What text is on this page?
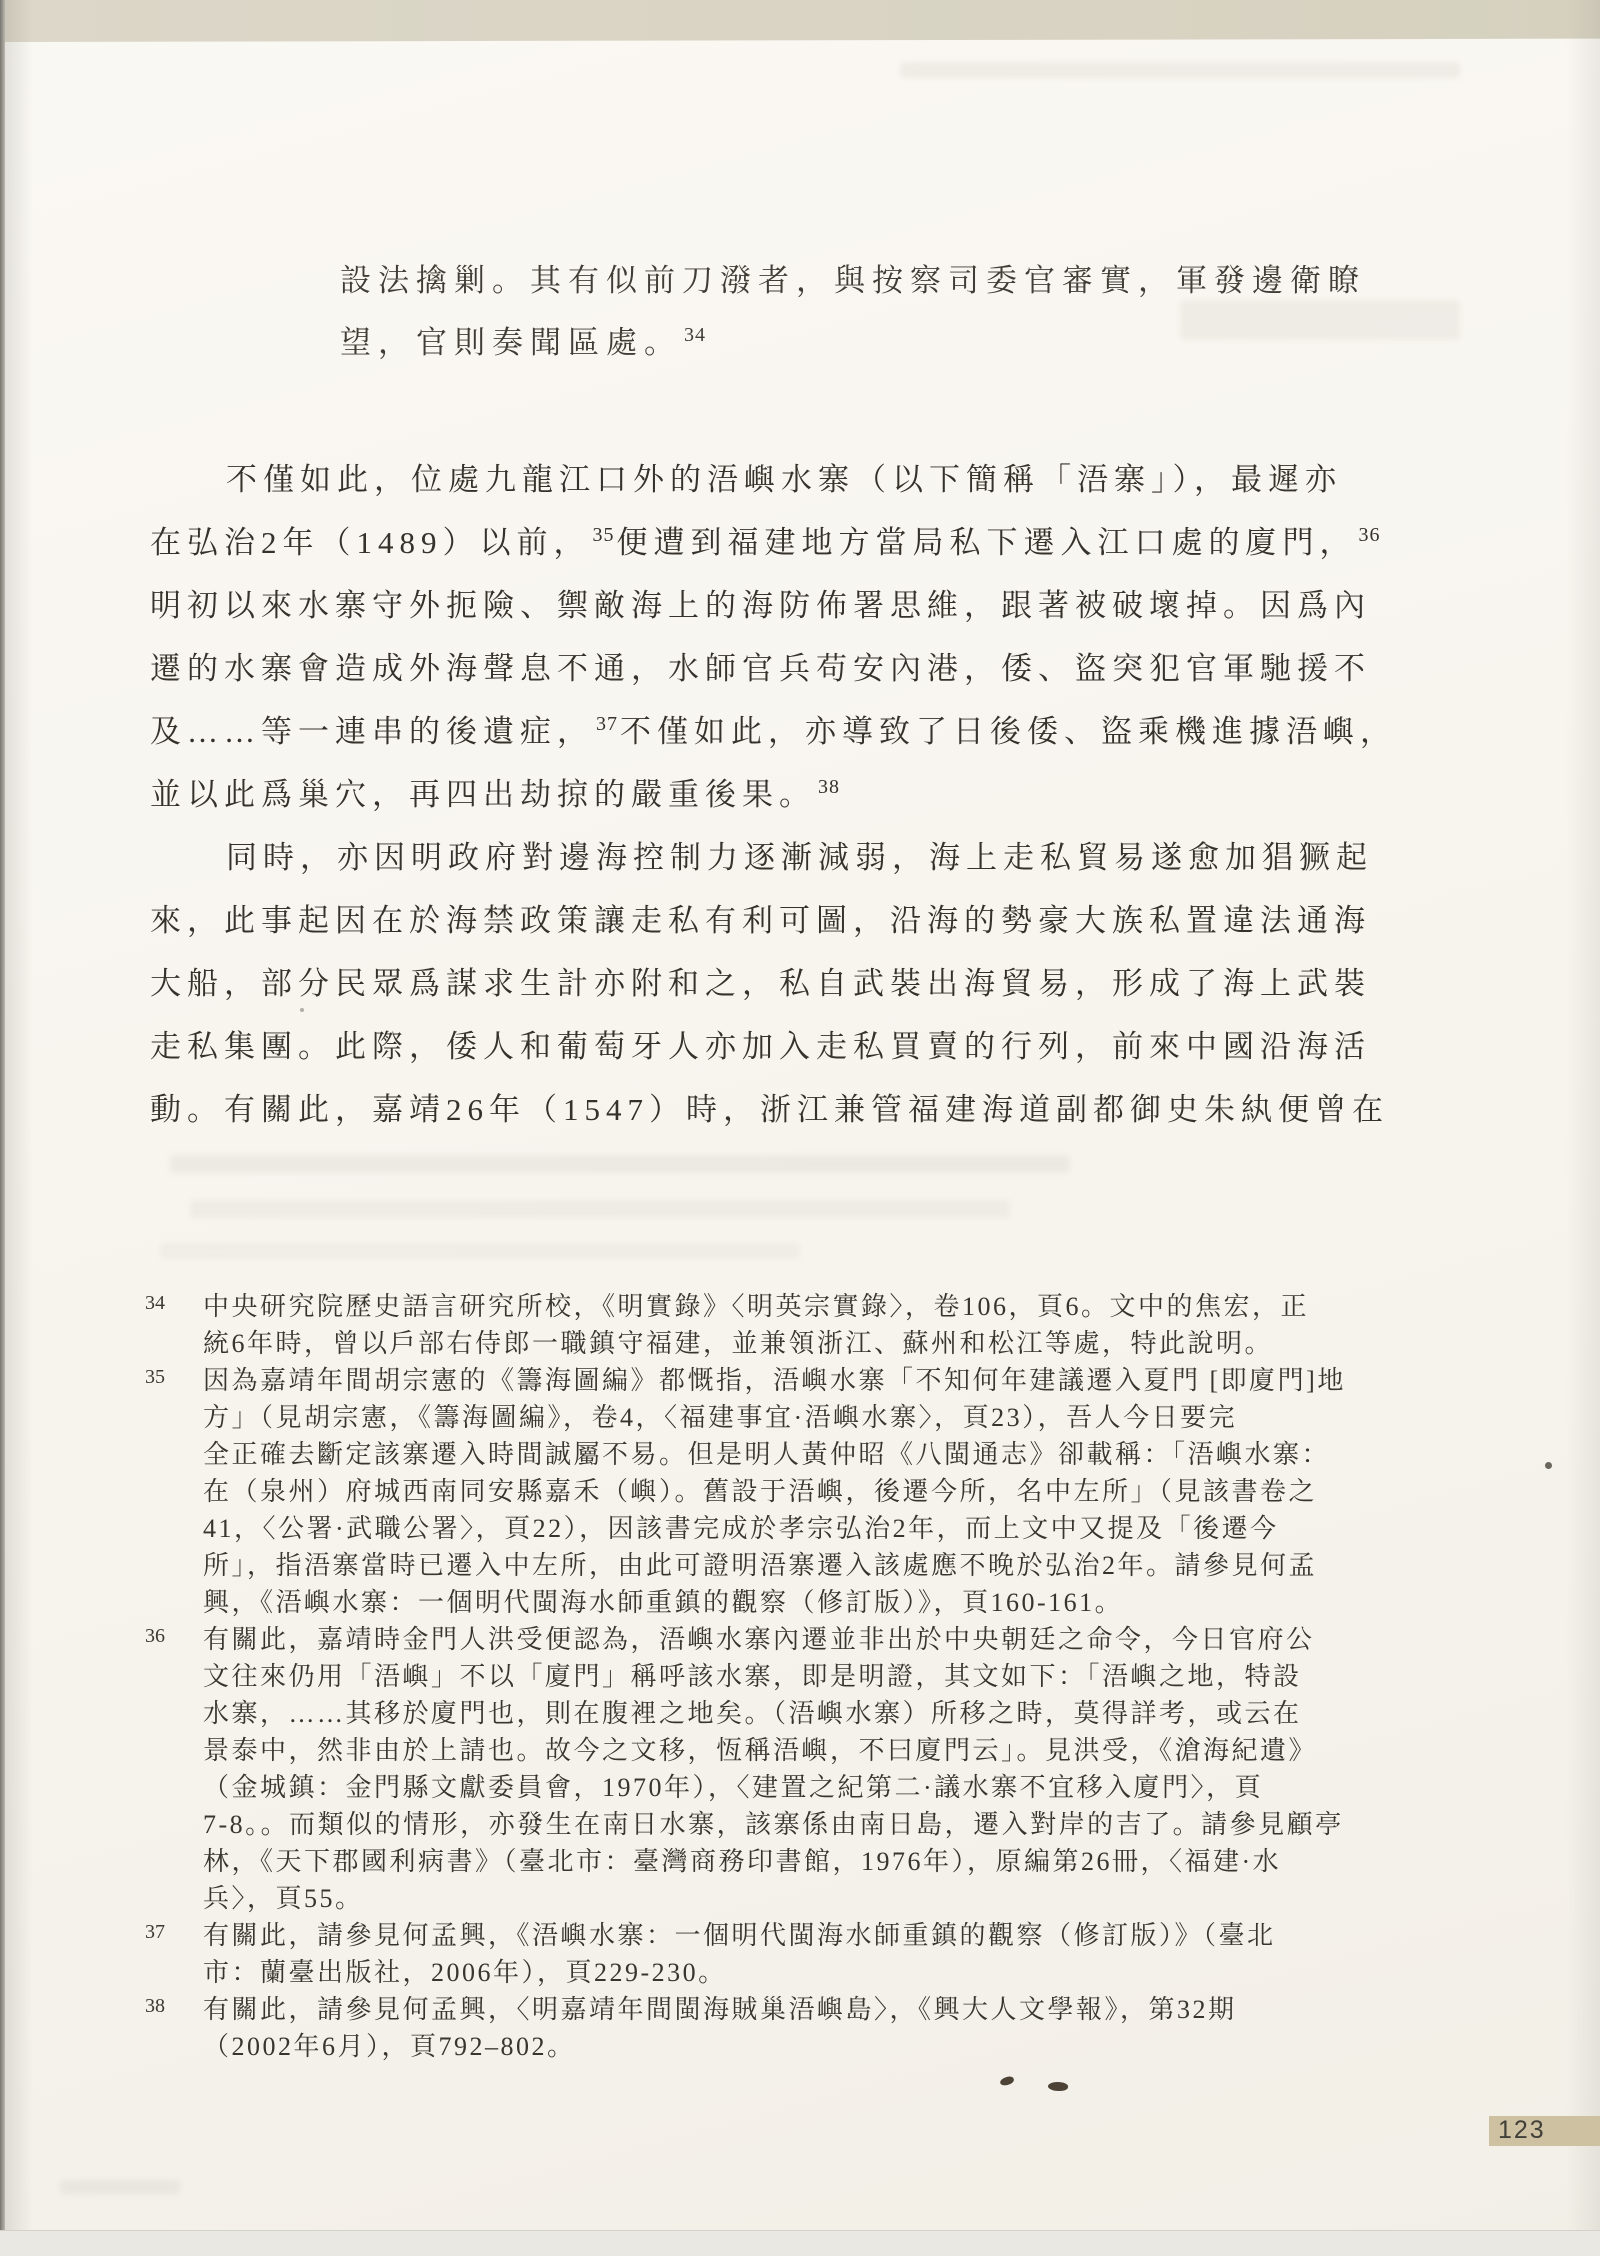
設法擒剿。其有似前刀潑者，與按察司委官審實，軍發邊衛瞭
望，官則奏聞區處。 $^{34}$
不僅如此，位處九龍江口外的浯嶼水寨（以下簡稱「浯寨」），最遲亦
在弘治2年（1489）以前， $^{35}$便遭到福建地方當局私下遷入江口處的廈門， $^{36}$
明初以來水寨守外扼險、禦敵海上的海防佈署思維，跟著被破壞掉。因爲內
遷的水寨會造成外海聲息不通，水師官兵苟安內港，倭、盜突犯官軍馳援不
及……等一連串的後遺症， $^{37}$不僅如此，亦導致了日後倭、盜乘機進據浯嶼，
並以此爲巢穴，再四出劫掠的嚴重後果。 $^{38}$
同時，亦因明政府對邊海控制力逐漸減弱，海上走私貿易遂愈加猖獗起
來，此事起因在於海禁政策讓走私有利可圖，沿海的勢豪大族私置違法通海
大船，部分民眾爲謀求生計亦附和之，私自武裝出海貿易，形成了海上武裝
走私集團。此際，倭人和葡萄牙人亦加入走私買賣的行列，前來中國沿海活
動。有關此，嘉靖26年（1547）時，浙江兼管福建海道副都御史朱紈便曾在
34 中央研究院歷史語言研究所校，《明實錄》〈明英宗實錄〉，卷106，頁6。文中的焦宏，正
統6年時，曾以戶部右侍郎一職鎮守福建，並兼領浙江、蘇州和松江等處，特此說明。
35 因為嘉靖年間胡宗憲的《籌海圖編》都慨指，浯嶼水寨「不知何年建議遷入夏門 [即廈門]地
方」（見胡宗憲，《籌海圖編》，卷4，〈福建事宜·浯嶼水寨〉，頁23），吾人今日要完
全正確去斷定該寨遷入時間誠屬不易。但是明人黃仲昭《八閩通志》卻載稱：「浯嶼水寨：
在（泉州）府城西南同安縣嘉禾（嶼）。舊設于浯嶼，後遷今所，名中左所」（見該書卷之
41，〈公署·武職公署〉，頁22），因該書完成於孝宗弘治2年，而上文中又提及「後遷今
所」，指浯寨當時已遷入中左所，由此可證明浯寨遷入該處應不晚於弘治2年。請參見何孟
興，《浯嶼水寨：一個明代閩海水師重鎮的觀察（修訂版）》，頁160-161。
36 有關此，嘉靖時金門人洪受便認為，浯嶼水寨內遷並非出於中央朝廷之命令，今日官府公
文往來仍用「浯嶼」不以「廈門」稱呼該水寨，即是明證，其文如下：「浯嶼之地，特設
水寨，……其移於廈門也，則在腹裡之地矣。（浯嶼水寨）所移之時，莫得詳考，或云在
景泰中，然非由於上請也。故今之文移，恆稱浯嶼，不曰廈門云」。見洪受，《滄海紀遺》
（金城鎮：金門縣文獻委員會，1970年），〈建置之紀第二·議水寨不宜移入廈門〉，頁
7-8。。而類似的情形，亦發生在南日水寨，該寨係由南日島，遷入對岸的吉了。請參見顧亭
林，《天下郡國利病書》（臺北市：臺灣商務印書館，1976年），原編第26冊，〈福建·水
兵〉，頁55。
37 有關此，請參見何孟興，《浯嶼水寨：一個明代閩海水師重鎮的觀察（修訂版）》（臺北
市：蘭臺出版社，2006年），頁229-230。
38 有關此，請參見何孟興，〈明嘉靖年間閩海賊巢浯嶼島〉，《興大人文學報》，第32期
（2002年6月），頁792–802。
123
